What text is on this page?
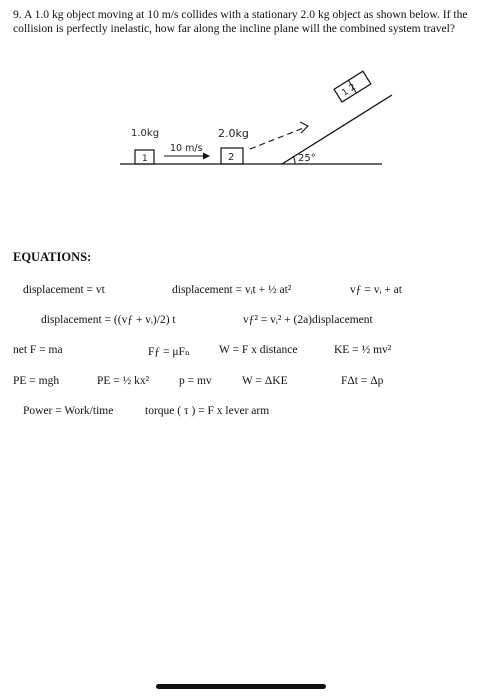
9. A 1.0 kg object moving at 10 m/s collides with a stationary 2.0 kg object as shown below. If the collision is perfectly inelastic, how far along the incline plane will the combined system travel?
1.0kg
1
10 m/s
2.0kg
2	25°
1 2
EQUATIONS:
displacement = vt	displacement = vᵢt + ½ at²	vƒ = vᵢ + at
displacement = ((vƒ + vᵢ)/2) t	vƒ² = vᵢ² + (2a)displacement
net F = ma	Fƒ = μFₙ	W = F x distance	KE = ½ mv²
PE = mgh	PE = ½ kx²	p = mv	W = ΔKE	FΔt = Δp
Power = Work/time	torque ( τ ) = F x lever arm
